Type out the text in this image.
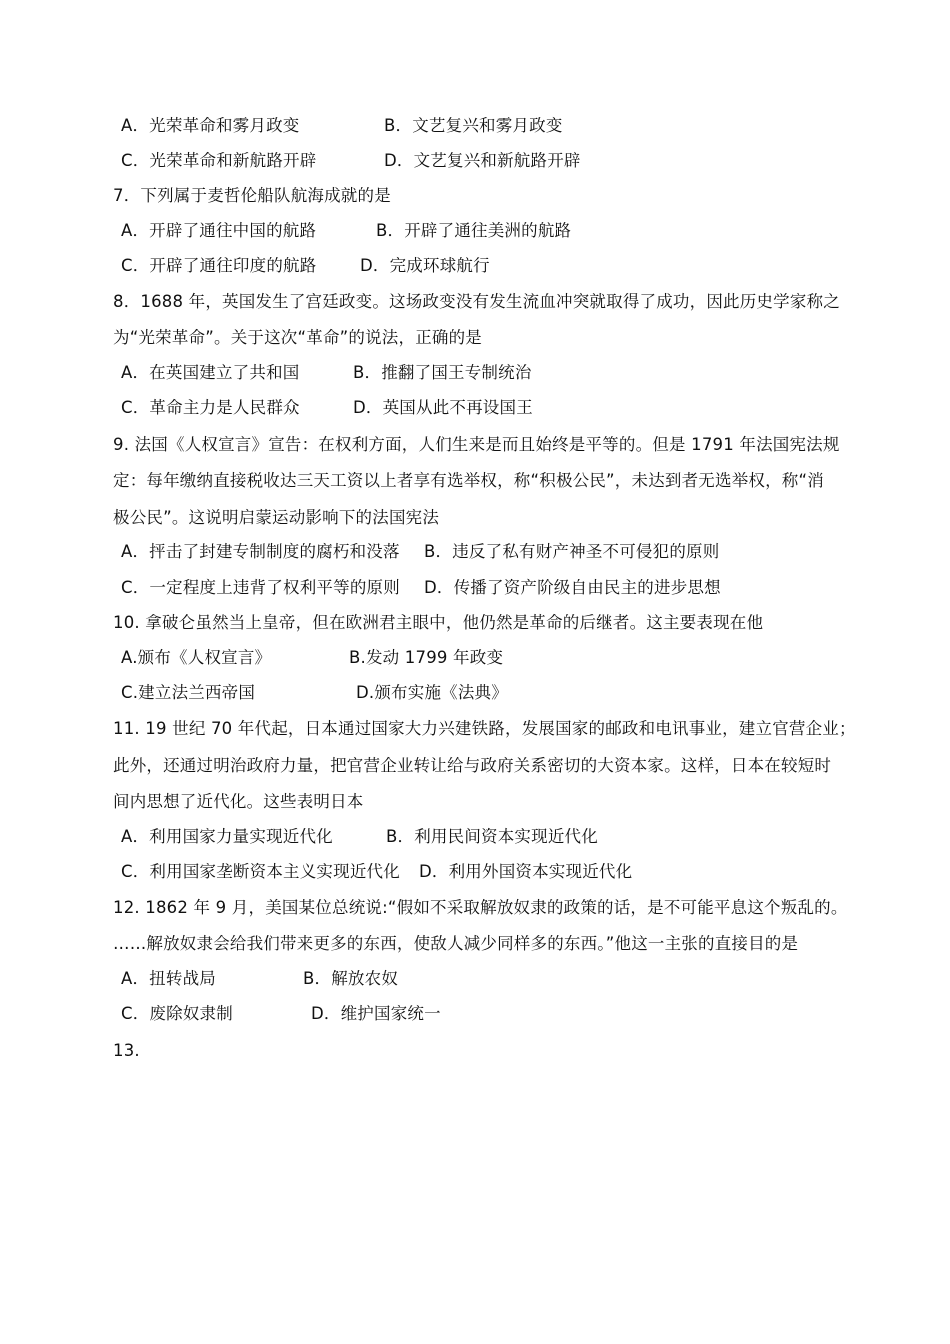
A．光荣革命和雾月政变	B．文艺复兴和雾月政变
C．光荣革命和新航路开辟	D．文艺复兴和新航路开辟
7．下列属于麦哲伦船队航海成就的是
A．开辟了通往中国的航路	B．开辟了通往美洲的航路
C．开辟了通往印度的航路	D．完成环球航行
8．1688 年，英国发生了宫廷政变。这场政变没有发生流血冲突就取得了成功，因此历史学家称之
为“光荣革命”。关于这次“革命”的说法，正确的是
A．在英国建立了共和国	B．推翻了国王专制统治
C．革命主力是人民群众	D．英国从此不再设国王
9. 法国《人权宣言》宣告：在权利方面，人们生来是而且始终是平等的。但是 1791 年法国宪法规
定：每年缴纳直接税收达三天工资以上者享有选举权，称“积极公民”，未达到者无选举权，称“消
极公民”。这说明启蒙运动影响下的法国宪法
A．抨击了封建专制制度的腐朽和没落 B．违反了私有财产神圣不可侵犯的原则
C．一定程度上违背了权利平等的原则 D．传播了资产阶级自由民主的进步思想
10. 拿破仑虽然当上皇帝，但在欧洲君主眼中，他仍然是革命的后继者。这主要表现在他
A.颁布《人权宣言》	B.发动 1799 年政变
C.建立法兰西帝国	D.颁布实施《法典》
11. 19 世纪 70 年代起，日本通过国家大力兴建铁路，发展国家的邮政和电讯事业，建立官营企业；
此外，还通过明治政府力量，把官营企业转让给与政府关系密切的大资本家。这样，日本在较短时
间内思想了近代化。这些表明日本
A．利用国家力量实现近代化	B．利用民间资本实现近代化
C．利用国家垄断资本主义实现近代化 D．利用外国资本实现近代化
12. 1862 年 9 月，美国某位总统说:“假如不采取解放奴隶的政策的话，是不可能平息这个叛乱的。
……解放奴隶会给我们带来更多的东西，使敌人减少同样多的东西。”他这一主张的直接目的是
A．扭转战局	B．解放农奴
C．废除奴隶制	D．维护国家统一
13.
